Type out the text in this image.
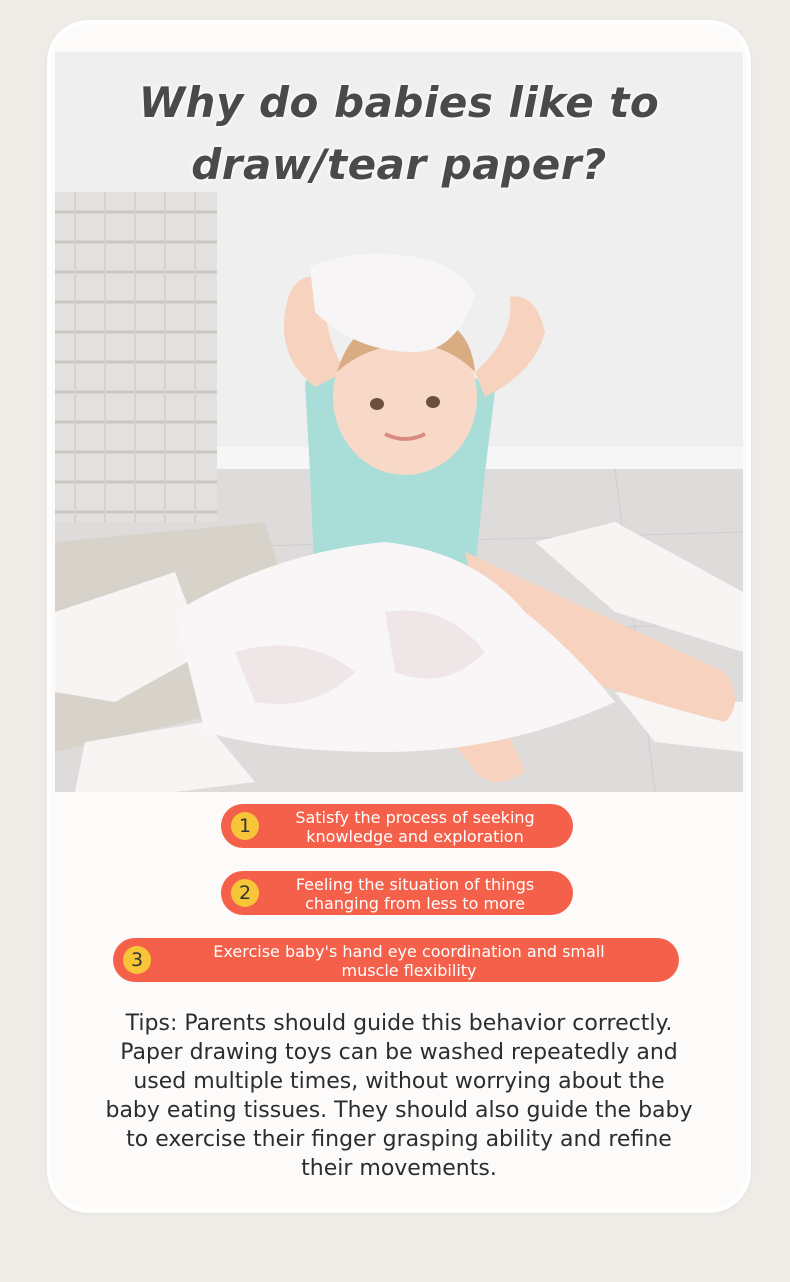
Why do babies like to
draw/tear paper?
1	Satisfy the process of seeking
knowledge and exploration
2	Feeling the situation of things
changing from less to more
3	Exercise baby's hand eye coordination and small
muscle flexibility
Tips: Parents should guide this behavior correctly.
Paper drawing toys can be washed repeatedly and
used multiple times, without worrying about the
baby eating tissues. They should also guide the baby
to exercise their finger grasping ability and refine
their movements.
